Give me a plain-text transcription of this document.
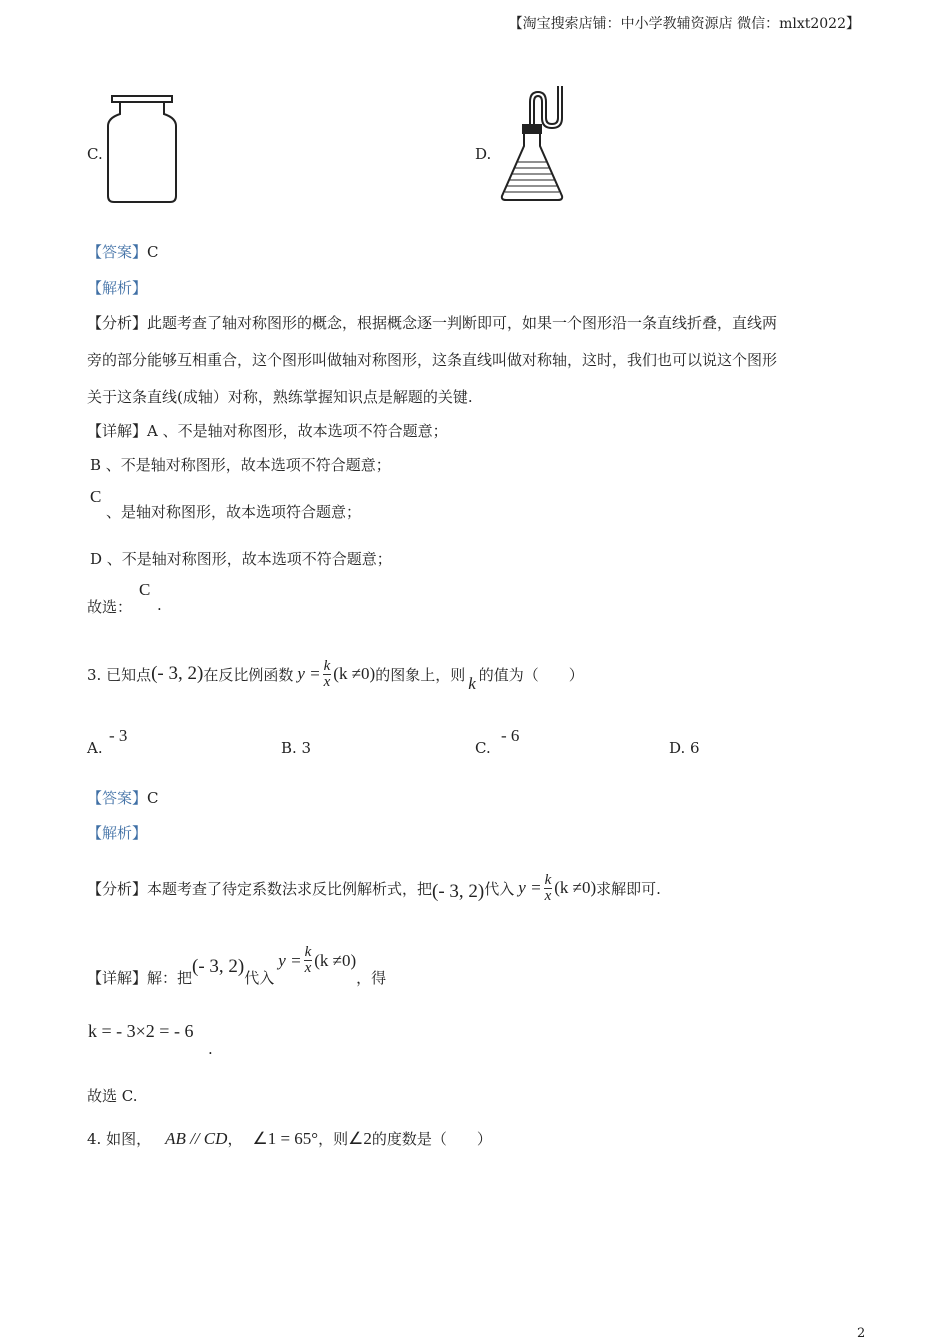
【淘宝搜索店铺：中小学教辅资源店 微信：mlxt2022】
C.	D.
【答案】C
【解析】
【分析】此题考查了轴对称图形的概念，根据概念逐一判断即可，如果一个图形沿一条直线折叠，直线两
旁的部分能够互相重合，这个图形叫做轴对称图形，这条直线叫做对称轴，这时，我们也可以说这个图形
关于这条直线(成轴）对称，熟练掌握知识点是解题的关键.
【详解】A 、不是轴对称图形，故本选项不符合题意；
B 、不是轴对称图形，故本选项不符合题意；
C
、是轴对称图形，故本选项符合题意；
D 、不是轴对称图形，故本选项不符合题意；
故选：
C
.
3. 已知点 (- 3, 2) 在反比例函数 $y = \frac{k}{x} (k \ne 0)$ 的图象上，则 k 的值为（　　）
A.
- 3
B. 3	C.
- 6
D. 6
【答案】C
【解析】
【分析】 本题考查了待定系数法求反比例解析式，把 (- 3, 2) 代入 $y = \frac{k}{x} (k \ne 0)$ 求解即可.
【详解】 解：把
(- 3, 2)
代入
$y = \frac{k}{x} (k \ne 0)$
，得
k = - 3×2 = - 6
.
故选 C.
4. 如图， AB // CD ， ∠1 = 65° ，则 ∠2 的度数是（　　）
2
